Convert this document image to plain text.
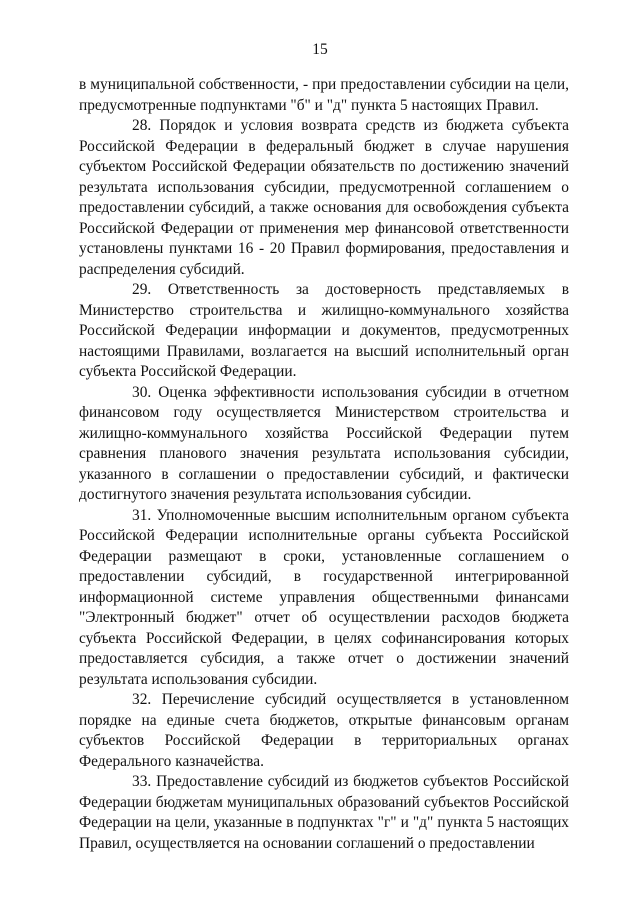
15

в муниципальной собственности, - при предоставлении субсидии на цели, предусмотренные подпунктами "б" и "д" пункта 5 настоящих Правил.

28. Порядок и условия возврата средств из бюджета субъекта Российской Федерации в федеральный бюджет в случае нарушения субъектом Российской Федерации обязательств по достижению значений результата использования субсидии, предусмотренной соглашением о предоставлении субсидий, а также основания для освобождения субъекта Российской Федерации от применения мер финансовой ответственности установлены пунктами 16 - 20 Правил формирования, предоставления и распределения субсидий.

29. Ответственность за достоверность представляемых в Министерство строительства и жилищно-коммунального хозяйства Российской Федерации информации и документов, предусмотренных настоящими Правилами, возлагается на высший исполнительный орган субъекта Российской Федерации.

30. Оценка эффективности использования субсидии в отчетном финансовом году осуществляется Министерством строительства и жилищно-коммунального хозяйства Российской Федерации путем сравнения планового значения результата использования субсидии, указанного в соглашении о предоставлении субсидий, и фактически достигнутого значения результата использования субсидии.

31. Уполномоченные высшим исполнительным органом субъекта Российской Федерации исполнительные органы субъекта Российской Федерации размещают в сроки, установленные соглашением о предоставлении субсидий, в государственной интегрированной информационной системе управления общественными финансами "Электронный бюджет" отчет об осуществлении расходов бюджета субъекта Российской Федерации, в целях софинансирования которых предоставляется субсидия, а также отчет о достижении значений результата использования субсидии.

32. Перечисление субсидий осуществляется в установленном порядке на единые счета бюджетов, открытые финансовым органам субъектов Российской Федерации в территориальных органах Федерального казначейства.

33. Предоставление субсидий из бюджетов субъектов Российской Федерации бюджетам муниципальных образований субъектов Российской Федерации на цели, указанные в подпунктах "г" и "д" пункта 5 настоящих Правил, осуществляется на основании соглашений о предоставлении
